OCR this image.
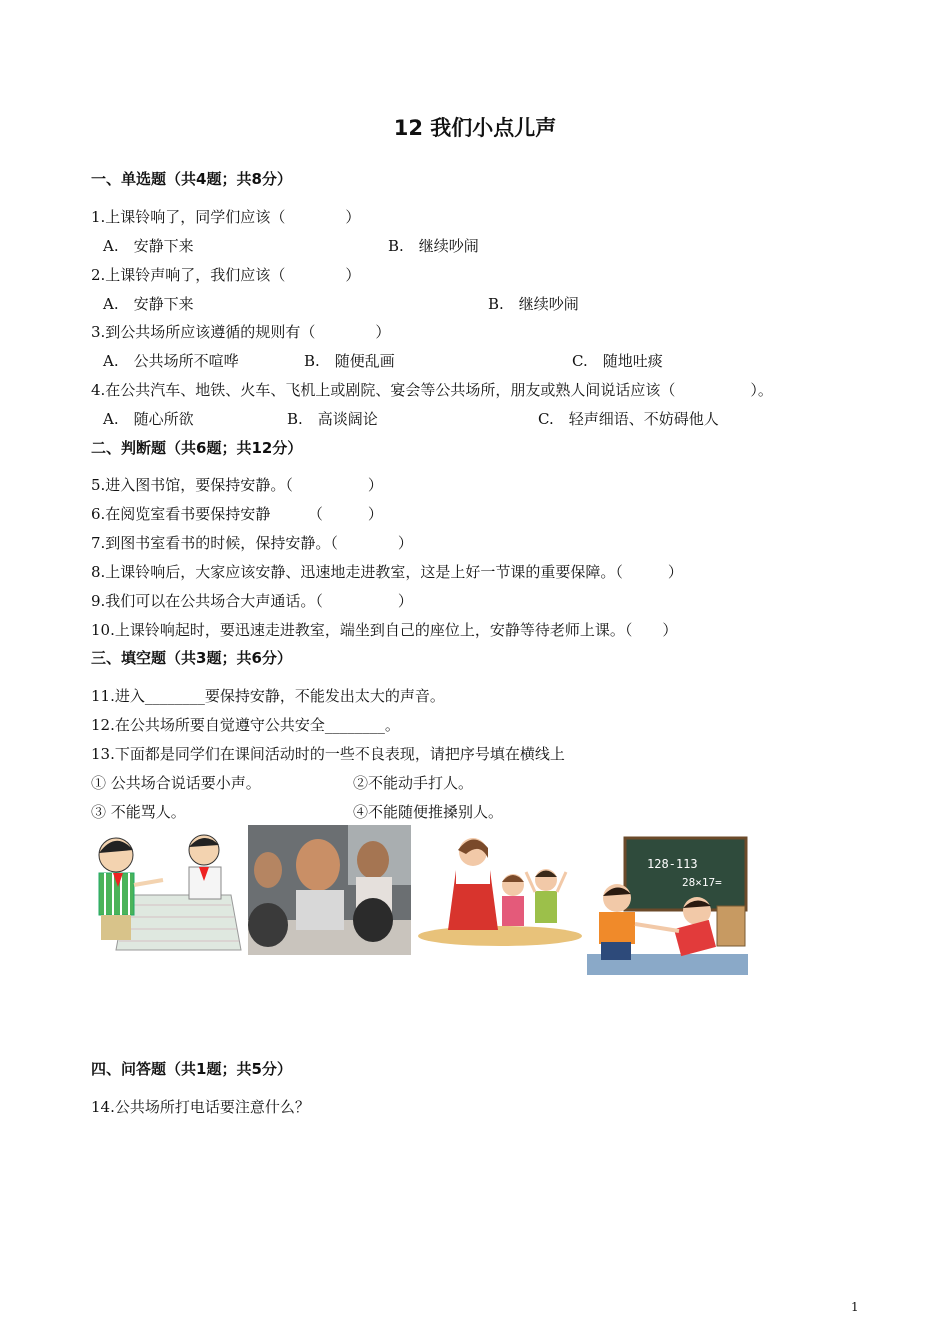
12 我们小点儿声
一、单选题（共4题；共8分）
1.上课铃响了，同学们应该（　　　　）
A.　安静下来	B.　继续吵闹
2.上课铃声响了，我们应该（　　　　）
A.　安静下来	B.　继续吵闹
3.到公共场所应该遵循的规则有（　　　　）
A.　公共场所不喧哗	B.　随便乱画	C.　随地吐痰
4.在公共汽车、地铁、火车、飞机上或剧院、宴会等公共场所，朋友或熟人间说话应该（　　　　　）。
A.　随心所欲	B.　高谈阔论	C.　轻声细语、不妨碍他人
二、判断题（共6题；共12分）
5.进入图书馆，要保持安静。（　　　　　）
6.在阅览室看书要保持安静　　　（　　　）
7.到图书室看书的时候，保持安静。（　　　　）
8.上课铃响后，大家应该安静、迅速地走进教室，这是上好一节课的重要保障。（　　　）
9.我们可以在公共场合大声通话。（　　　　　）
10.上课铃响起时，要迅速走进教室，端坐到自己的座位上，安静等待老师上课。（　　）
三、填空题（共3题；共6分）
11.进入________要保持安静，不能发出太大的声音。
12.在公共场所要自觉遵守公共安全________。
13.下面都是同学们在课间活动时的一些不良表现，请把序号填在横线上
① 公共场合说话要小声。	②不能动手打人。
③ 不能骂人。	④不能随便推搡别人。
128-113
28×17=
四、问答题（共1题；共5分）
14.公共场所打电话要注意什么？
1
